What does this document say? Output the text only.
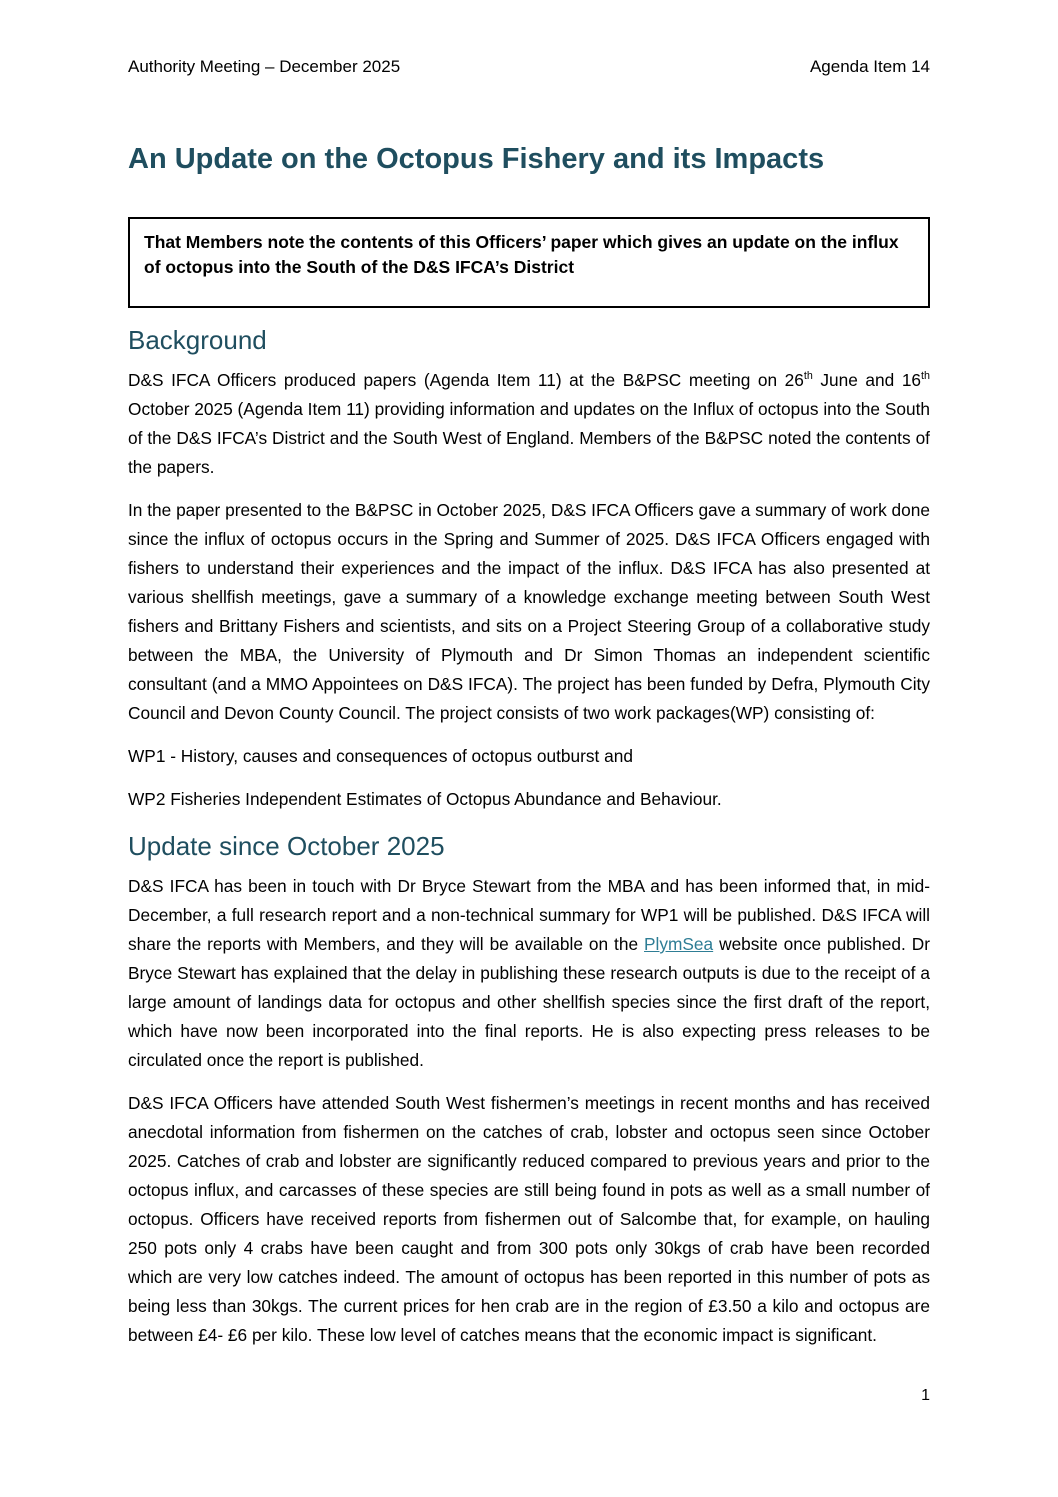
Authority Meeting – December 2025	Agenda Item 14
An Update on the Octopus Fishery and its Impacts

That Members note the contents of this Officers’ paper which gives an update on the influx of octopus into the South of the D&S IFCA’s District

Background

D&S IFCA Officers produced papers (Agenda Item 11) at the B&PSC meeting on 26th June and 16th October 2025 (Agenda Item 11) providing information and updates on the Influx of octopus into the South of the D&S IFCA’s District and the South West of England. Members of the B&PSC noted the contents of the papers.

In the paper presented to the B&PSC in October 2025, D&S IFCA Officers gave a summary of work done since the influx of octopus occurs in the Spring and Summer of 2025. D&S IFCA Officers engaged with fishers to understand their experiences and the impact of the influx. D&S IFCA has also presented at various shellfish meetings, gave a summary of a knowledge exchange meeting between South West fishers and Brittany Fishers and scientists, and sits on a Project Steering Group of a collaborative study between the MBA, the University of Plymouth and Dr Simon Thomas an independent scientific consultant (and a MMO Appointees on D&S IFCA). The project has been funded by Defra, Plymouth City Council and Devon County Council. The project consists of two work packages(WP) consisting of:

WP1 - History, causes and consequences of octopus outburst and

WP2 Fisheries Independent Estimates of Octopus Abundance and Behaviour.

Update since October 2025

D&S IFCA has been in touch with Dr Bryce Stewart from the MBA and has been informed that, in mid-December, a full research report and a non-technical summary for WP1 will be published. D&S IFCA will share the reports with Members, and they will be available on the PlymSea website once published. Dr Bryce Stewart has explained that the delay in publishing these research outputs is due to the receipt of a large amount of landings data for octopus and other shellfish species since the first draft of the report, which have now been incorporated into the final reports. He is also expecting press releases to be circulated once the report is published.

D&S IFCA Officers have attended South West fishermen’s meetings in recent months and has received anecdotal information from fishermen on the catches of crab, lobster and octopus seen since October 2025. Catches of crab and lobster are significantly reduced compared to previous years and prior to the octopus influx, and carcasses of these species are still being found in pots as well as a small number of octopus. Officers have received reports from fishermen out of Salcombe that, for example, on hauling 250 pots only 4 crabs have been caught and from 300 pots only 30kgs of crab have been recorded which are very low catches indeed. The amount of octopus has been reported in this number of pots as being less than 30kgs. The current prices for hen crab are in the region of £3.50 a kilo and octopus are between £4- £6 per kilo. These low level of catches means that the economic impact is significant.

1
